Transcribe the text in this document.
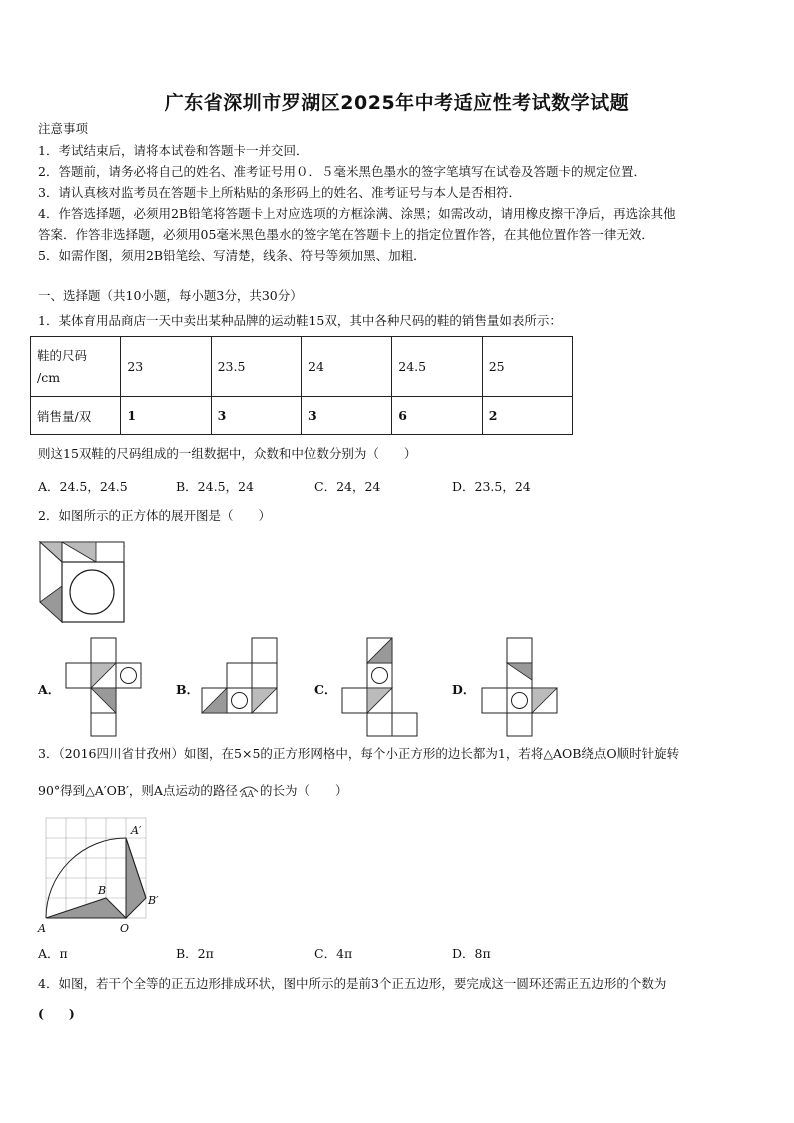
广东省深圳市罗湖区2025年中考适应性考试数学试题
注意事项
1．考试结束后，请将本试卷和答题卡一并交回．
2．答题前，请务必将自己的姓名、准考证号用０．５毫米黑色墨水的签字笔填写在试卷及答题卡的规定位置．
3．请认真核对监考员在答题卡上所粘贴的条形码上的姓名、准考证号与本人是否相符．
4．作答选择题，必须用2B铅笔将答题卡上对应选项的方框涂满、涂黑；如需改动，请用橡皮擦干净后，再选涂其他
答案．作答非选择题，必须用05毫米黑色墨水的签字笔在答题卡上的指定位置作答，在其他位置作答一律无效．
5．如需作图，须用2B铅笔绘、写清楚，线条、符号等须加黑、加粗．
一、选择题（共10小题，每小题3分，共30分）
1．某体育用品商店一天中卖出某种品牌的运动鞋15双，其中各种尺码的鞋的销售量如表所示：
鞋的尺码
/cm	23	23.5	24	24.5	25
销售量/双	1	3	3	6	2
则这15双鞋的尺码组成的一组数据中，众数和中位数分别为（　　）
A．24.5，24.5	B．24.5，24	C．24，24	D．23.5，24
2．如图所示的正方体的展开图是（　　）
A．	B．	C．	D．
3．（2016四川省甘孜州）如图，在5×5的正方形网格中，每个小正方形的边长都为1，若将△AOB绕点O顺时针旋转
90°得到△A′OB′，则A点运动的路径 AA′ 的长为（　　）
A	O
B
A′
B′
A．π	B．2π	C．4π	D．8π
4．如图，若干个全等的正五边形排成环状，图中所示的是前3个正五边形，要完成这一圆环还需正五边形的个数为
(　　)
